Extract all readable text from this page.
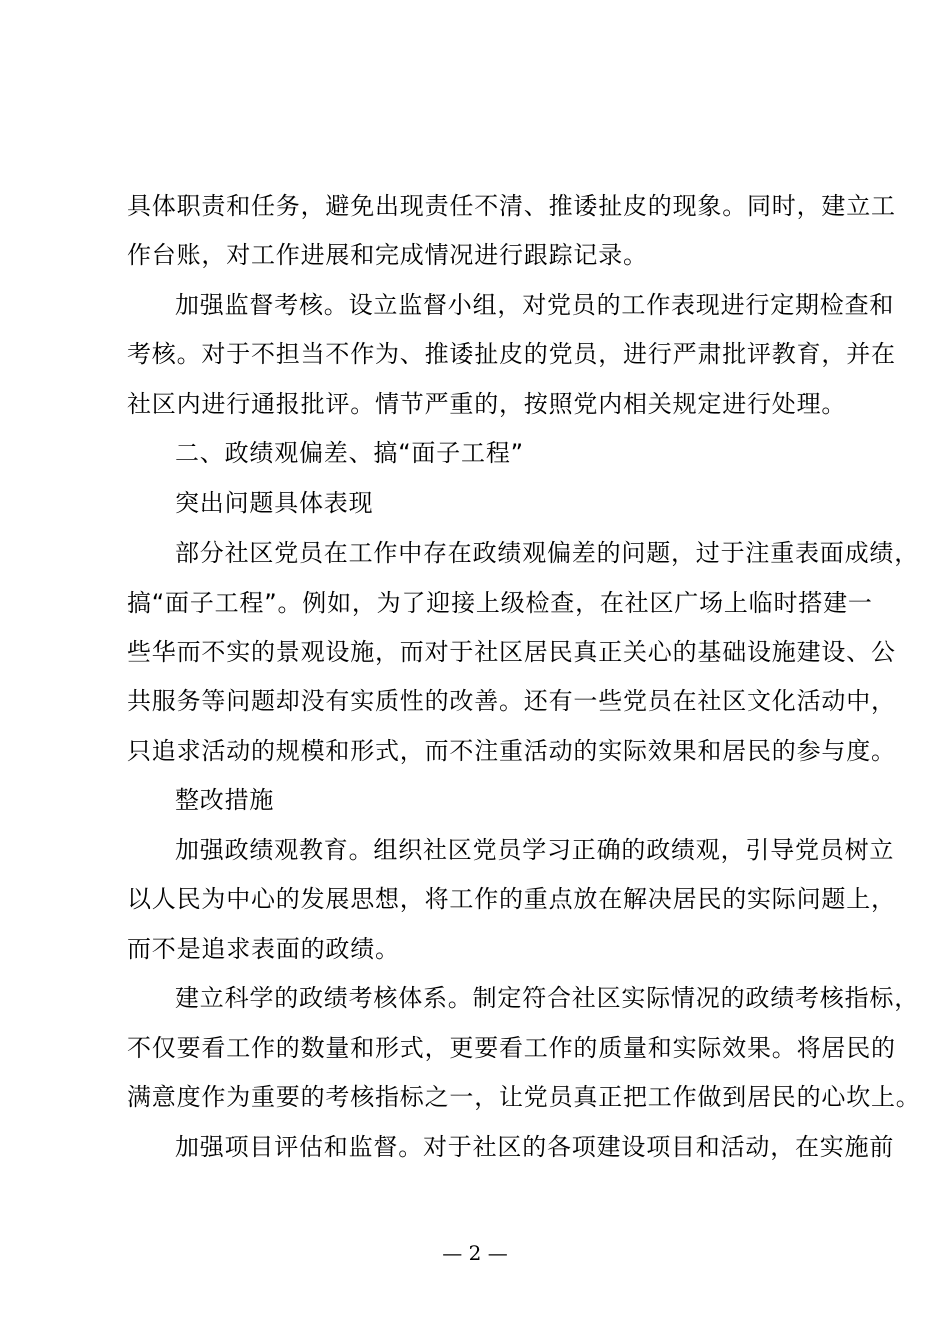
具体职责和任务，避免出现责任不清、推诿扯皮的现象。同时，建立工
作台账，对工作进展和完成情况进行跟踪记录。
加强监督考核。设立监督小组，对党员的工作表现进行定期检查和
考核。对于不担当不作为、推诿扯皮的党员，进行严肃批评教育，并在
社区内进行通报批评。情节严重的，按照党内相关规定进行处理。
二、政绩观偏差、搞“面子工程”
突出问题具体表现
部分社区党员在工作中存在政绩观偏差的问题，过于注重表面成绩，
搞“面子工程”。例如，为了迎接上级检查，在社区广场上临时搭建一
些华而不实的景观设施，而对于社区居民真正关心的基础设施建设、公
共服务等问题却没有实质性的改善。还有一些党员在社区文化活动中，
只追求活动的规模和形式，而不注重活动的实际效果和居民的参与度。
整改措施
加强政绩观教育。组织社区党员学习正确的政绩观，引导党员树立
以人民为中心的发展思想，将工作的重点放在解决居民的实际问题上，
而不是追求表面的政绩。
建立科学的政绩考核体系。制定符合社区实际情况的政绩考核指标，
不仅要看工作的数量和形式，更要看工作的质量和实际效果。将居民的
满意度作为重要的考核指标之一，让党员真正把工作做到居民的心坎上。
加强项目评估和监督。对于社区的各项建设项目和活动，在实施前
— 2 —
